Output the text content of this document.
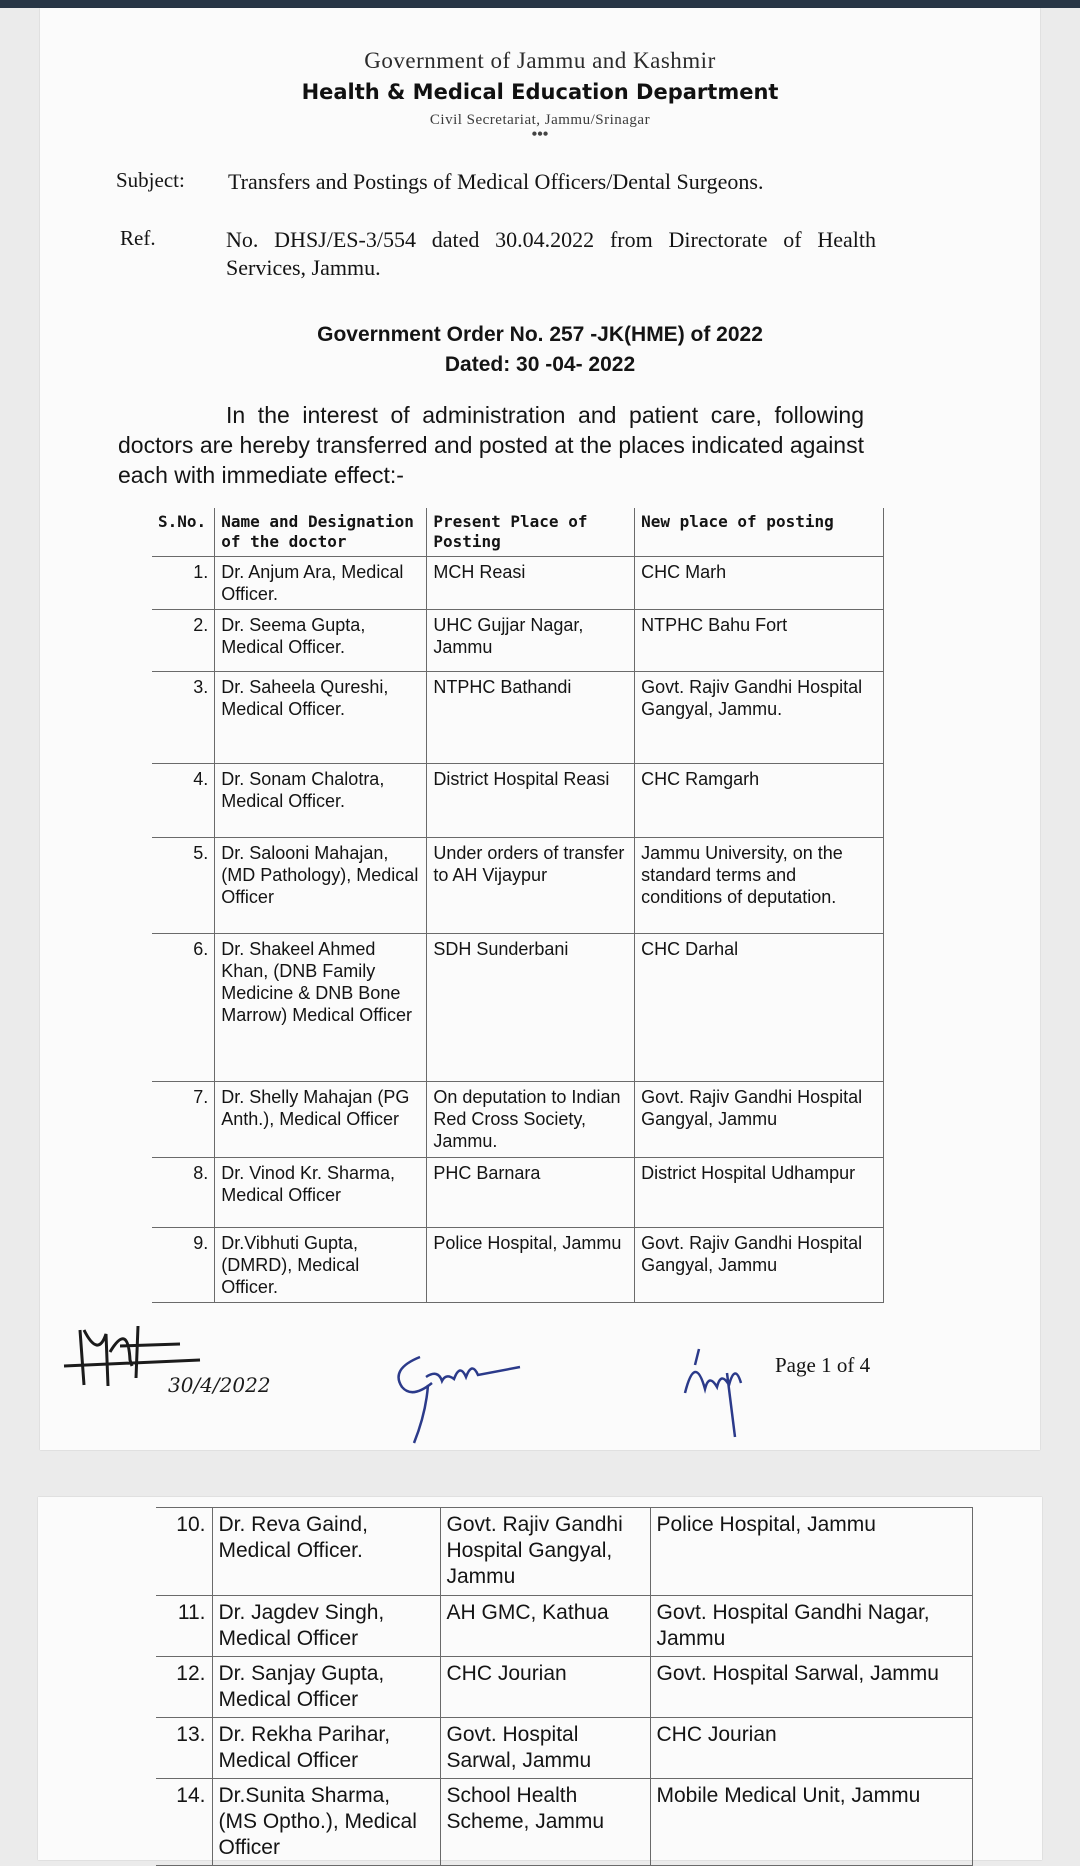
Government of Jammu and Kashmir
Health & Medical Education Department
Civil Secretariat, Jammu/Srinagar
•••
Subject: Transfers and Postings of Medical Officers/Dental Surgeons.
Ref.	No. DHSJ/ES-3/554 dated 30.04.2022 from Directorate of Health Services, Jammu.
Government Order No. 257 -JK(HME) of 2022
Dated: 30 -04- 2022
In the interest of administration and patient care, following doctors are hereby transferred and posted at the places indicated against each with immediate effect:-
S.No.	Name and Designation of the doctor	Present Place of Posting	New place of posting
1.	Dr. Anjum Ara, Medical Officer.	MCH Reasi	CHC Marh
2.	Dr. Seema Gupta, Medical Officer.	UHC Gujjar Nagar, Jammu	NTPHC Bahu Fort
3.	Dr. Saheela Qureshi, Medical Officer.	NTPHC Bathandi	Govt. Rajiv Gandhi Hospital Gangyal, Jammu.
4.	Dr. Sonam Chalotra, Medical Officer.	District Hospital Reasi	CHC Ramgarh
5.	Dr. Salooni Mahajan, (MD Pathology), Medical Officer	Under orders of transfer to AH Vijaypur	Jammu University, on the standard terms and conditions of deputation.
6.	Dr. Shakeel Ahmed Khan, (DNB Family Medicine & DNB Bone Marrow) Medical Officer	SDH Sunderbani	CHC Darhal
7.	Dr. Shelly Mahajan (PG Anth.), Medical Officer	On deputation to Indian Red Cross Society, Jammu.	Govt. Rajiv Gandhi Hospital Gangyal, Jammu
8.	Dr. Vinod Kr. Sharma, Medical Officer	PHC Barnara	District Hospital Udhampur
9.	Dr.Vibhuti Gupta, (DMRD), Medical Officer.	Police Hospital, Jammu	Govt. Rajiv Gandhi Hospital Gangyal, Jammu
30/4/2022
Page 1 of 4
10.	Dr. Reva Gaind, Medical Officer.	Govt. Rajiv Gandhi Hospital Gangyal, Jammu	Police Hospital, Jammu
11.	Dr. Jagdev Singh, Medical Officer	AH GMC, Kathua	Govt. Hospital Gandhi Nagar, Jammu
12.	Dr. Sanjay Gupta, Medical Officer	CHC Jourian	Govt. Hospital Sarwal, Jammu
13.	Dr. Rekha Parihar, Medical Officer	Govt. Hospital Sarwal, Jammu	CHC Jourian
14.	Dr.Sunita Sharma, (MS Optho.), Medical Officer	School Health Scheme, Jammu	Mobile Medical Unit, Jammu
